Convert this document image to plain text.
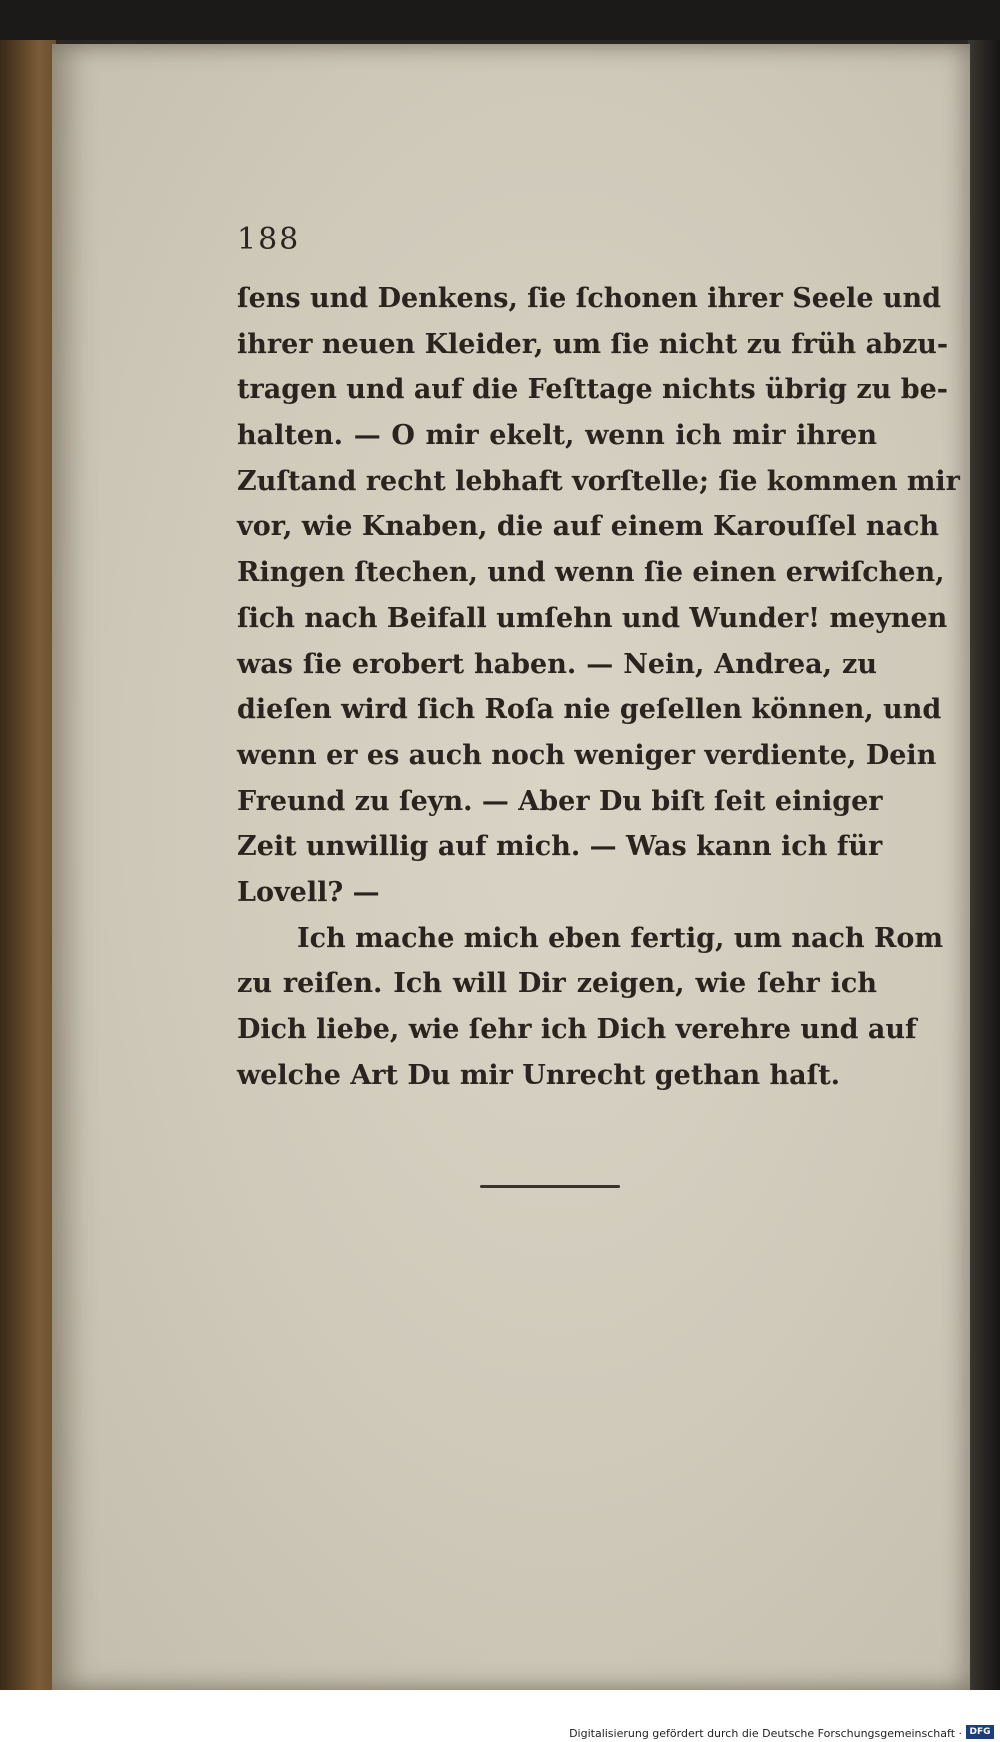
188
ſens und Denkens, ſie ſchonen ihrer Seele und
ihrer neuen Kleider, um ſie nicht zu früh abzu-
tragen und auf die Feſttage nichts übrig zu be-
halten. — O mir ekelt, wenn ich mir ihren
Zuſtand recht lebhaft vorſtelle; ſie kommen mir
vor, wie Knaben, die auf einem Karouſſel nach
Ringen ſtechen, und wenn ſie einen erwiſchen,
ſich nach Beifall umſehn und Wunder! meynen
was ſie erobert haben. — Nein, Andrea, zu
dieſen wird ſich Roſa nie geſellen können, und
wenn er es auch noch weniger verdiente, Dein
Freund zu ſeyn. — Aber Du biſt ſeit einiger
Zeit unwillig auf mich. — Was kann ich für
Lovell? —
Ich mache mich eben fertig, um nach Rom
zu reiſen. Ich will Dir zeigen, wie ſehr ich
Dich liebe, wie ſehr ich Dich verehre und auf
welche Art Du mir Unrecht gethan haſt.
Digitalisierung gefördert durch die Deutsche Forschungsgemeinschaft · DFG
